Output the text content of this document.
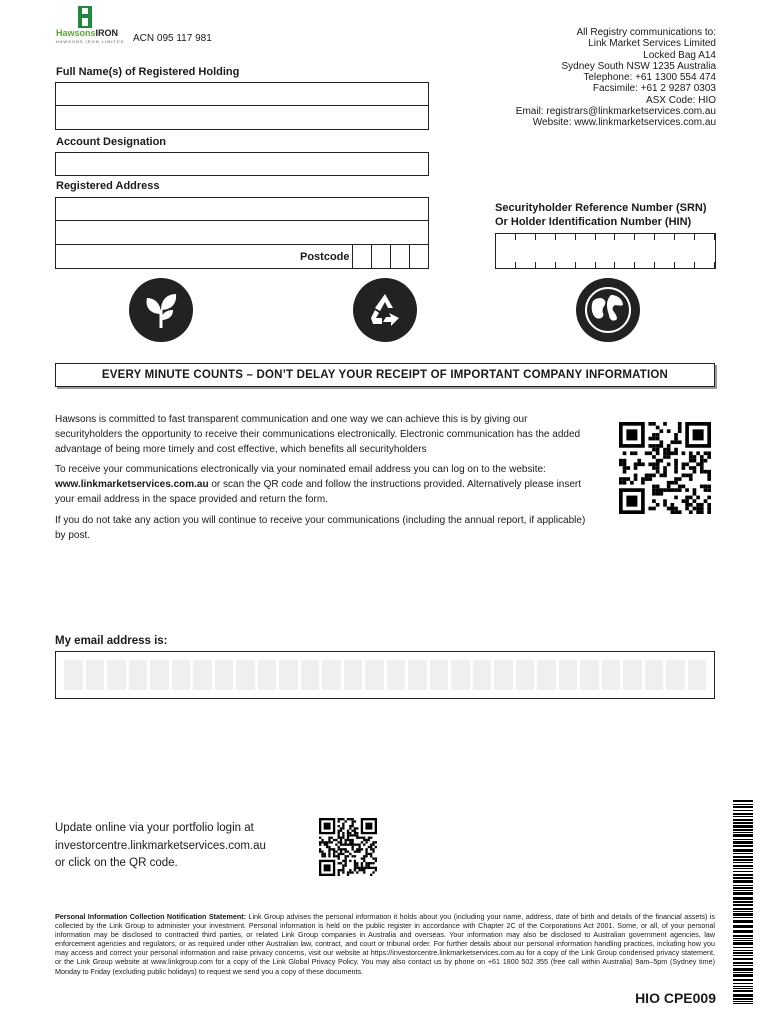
HawsonsIRON
HAWSONS IRON LIMITED ACN 095 117 981
All Registry communications to:
Link Market Services Limited
Locked Bag A14
Sydney South NSW 1235 Australia
Telephone: +61 1300 554 474
Facsimile: +61 2 9287 0303
ASX Code: HIO
Email: registrars@linkmarketservices.com.au
Website: www.linkmarketservices.com.au
Full Name(s) of Registered Holding
Account Designation
Registered Address
Postcode
Securityholder Reference Number (SRN)
Or Holder Identification Number (HIN)
EVERY MINUTE COUNTS – DON’T DELAY YOUR RECEIPT OF IMPORTANT COMPANY INFORMATION
Hawsons is committed to fast transparent communication and one way we can achieve this is by giving our securityholders the opportunity to receive their communications electronically. Electronic communication has the added advantage of being more timely and cost effective, which benefits all securityholders
To receive your communications electronically via your nominated email address you can log on to the website: www.linkmarketservices.com.au or scan the QR code and follow the instructions provided. Alternatively please insert your email address in the space provided and return the form.
If you do not take any action you will continue to receive your communications (including the annual report, if applicable) by post.
My email address is:
Update online via your portfolio login at
investorcentre.linkmarketservices.com.au
or click on the QR code.
Personal Information Collection Notification Statement: Link Group advises the personal information it holds about you (including your name, address, date of birth and details of the financial assets) is collected by the Link Group to administer your investment. Personal information is held on the public register in accordance with Chapter 2C of the Corporations Act 2001. Some, or all, of your personal information may be disclosed to contracted third parties, or related Link Group companies in Australia and overseas. Your information may also be disclosed to Australian government agencies, law enforcement agencies and regulators, or as required under other Australian law, contract, and court or tribunal order. For further details about our personal information handling practices, including how you may access and correct your personal information and raise privacy concerns, visit our website at https://investorcentre.linkmarketservices.com.au for a copy of the Link Group condensed privacy statement, or the Link Group website at www.linkgroup.com for a copy of the Link Global Privacy Policy. You may also contact us by phone on +61 1800 502 355 (free call within Australia) 9am–5pm (Sydney time) Monday to Friday (excluding public holidays) to request we send you a copy of these documents.
HIO CPE009
